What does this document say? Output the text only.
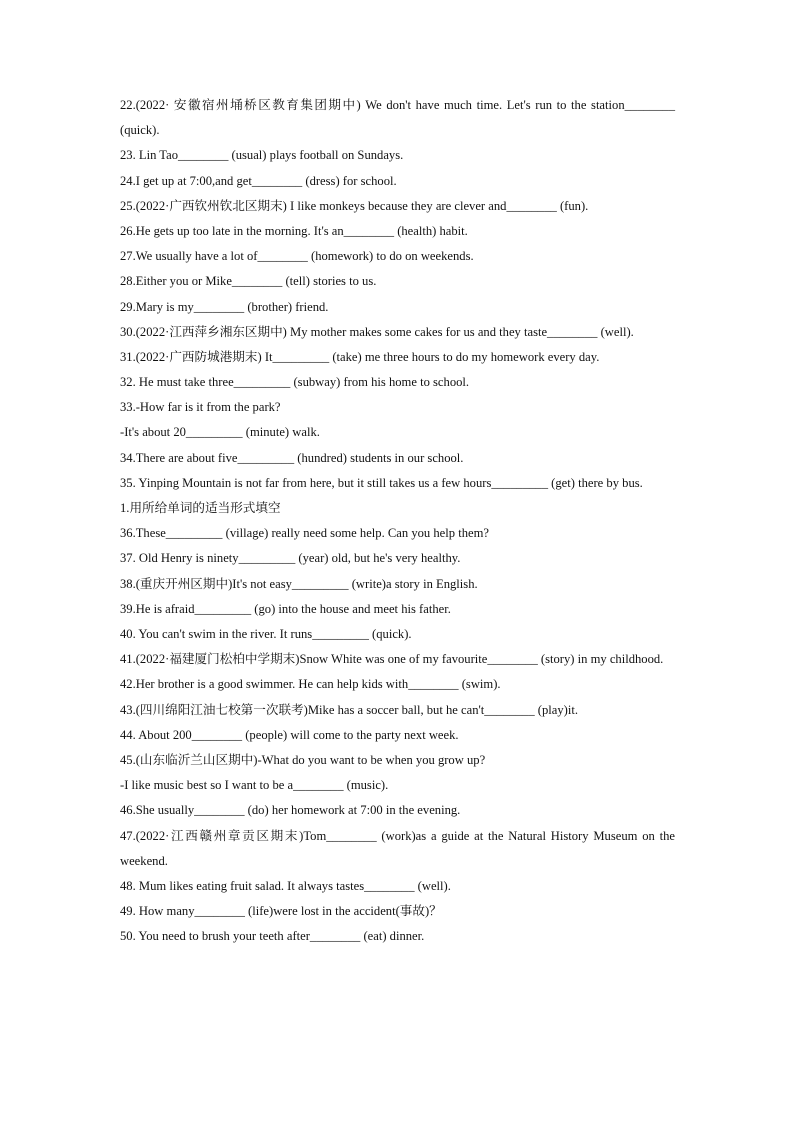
22.(2022· 安徽宿州埇桥区教育集团期中) We don't have much time. Let's run to the station________ (quick).
23. Lin Tao________ (usual) plays football on Sundays.
24.I get up at 7:00,and get________ (dress) for school.
25.(2022·广西钦州钦北区期末) I like monkeys because they are clever and________ (fun).
26.He gets up too late in the morning. It's an________ (health) habit.
27.We usually have a lot of________ (homework) to do on weekends.
28.Either you or Mike________ (tell) stories to us.
29.Mary is my________ (brother) friend.
30.(2022·江西萍乡湘东区期中) My mother makes some cakes for us and they taste________ (well).
31.(2022·广西防城港期末) It_________ (take) me three hours to do my homework every day.
32. He must take three_________ (subway) from his home to school.
33.-How far is it from the park?
-It's about 20_________ (minute) walk.
34.There are about five_________ (hundred) students in our school.
35. Yinping Mountain is not far from here, but it still takes us a few hours_________ (get) there by bus.
1.用所给单词的适当形式填空
36.These_________ (village) really need some help. Can you help them?
37. Old Henry is ninety_________ (year) old, but he's very healthy.
38.(重庆开州区期中)It's not easy_________ (write)a story in English.
39.He is afraid_________ (go) into the house and meet his father.
40. You can't swim in the river. It runs_________ (quick).
41.(2022·福建厦门松柏中学期末)Snow White was one of my favourite________ (story) in my childhood.
42.Her brother is a good swimmer. He can help kids with________ (swim).
43.(四川绵阳江油七校第一次联考)Mike has a soccer ball, but he can't________ (play)it.
44. About 200________ (people) will come to the party next week.
45.(山东临沂兰山区期中)-What do you want to be when you grow up?
-I like music best so I want to be a________ (music).
46.She usually________ (do) her homework at 7:00 in the evening.
47.(2022·江西赣州章贡区期末)Tom________ (work)as a guide at the Natural History Museum on the weekend.
48. Mum likes eating fruit salad. It always tastes________ (well).
49. How many________ (life)were lost in the accident(事故)？
50. You need to brush your teeth after________ (eat) dinner.
